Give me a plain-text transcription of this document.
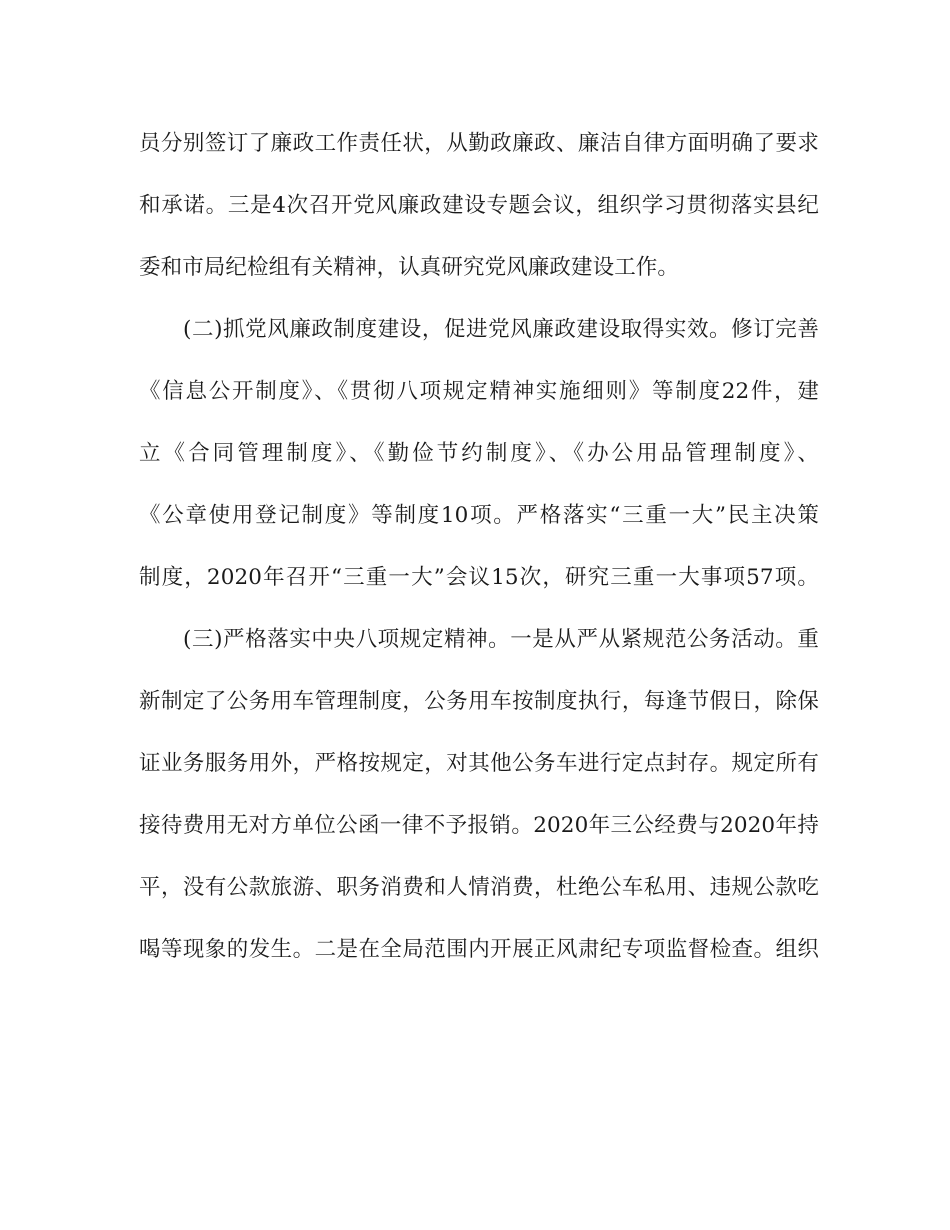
员分别签订了廉政工作责任状，从勤政廉政、廉洁自律方面明确了要求
和承诺。三是4次召开党风廉政建设专题会议，组织学习贯彻落实县纪
委和市局纪检组有关精神，认真研究党风廉政建设工作。
(二)抓党风廉政制度建设，促进党风廉政建设取得实效。修订完善
《信息公开制度》、《贯彻八项规定精神实施细则》等制度22件，建
立《合同管理制度》、《勤俭节约制度》、《办公用品管理制度》、
《公章使用登记制度》等制度10项。严格落实“三重一大”民主决策
制度，2020年召开“三重一大”会议15次，研究三重一大事项57项。
(三)严格落实中央八项规定精神。一是从严从紧规范公务活动。重
新制定了公务用车管理制度，公务用车按制度执行，每逢节假日，除保
证业务服务用外，严格按规定，对其他公务车进行定点封存。规定所有
接待费用无对方单位公函一律不予报销。2020年三公经费与2020年持
平，没有公款旅游、职务消费和人情消费，杜绝公车私用、违规公款吃
喝等现象的发生。二是在全局范围内开展正风肃纪专项监督检查。组织
